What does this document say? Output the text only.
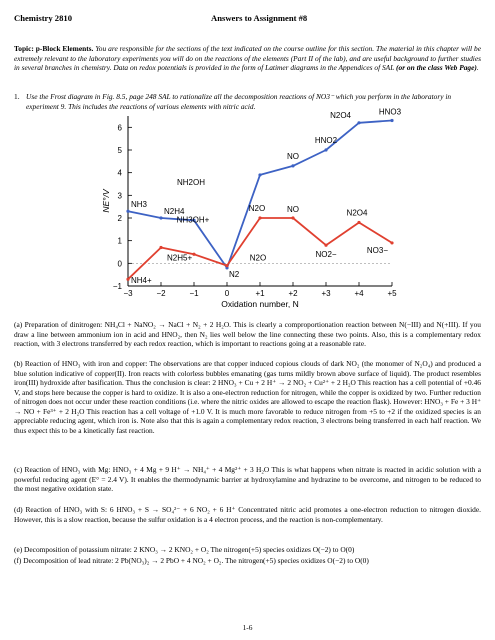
Chemistry 2810	Answers to Assignment #8

Topic: p-Block Elements. You are responsible for the sections of the text indicated on the course outline for this section. The material in this chapter will be extremely relevant to the laboratory experiments you will do on the reactions of the elements (Part II of the lab), and are useful background to further studies in several branches in chemistry. Data on redox potentials is provided in the form of Latimer diagrams in the Appendices of SAL (or on the class Web Page).

1. Use the Frost diagram in Fig. 8.5, page 248 SAL to rationalize all the decomposition reactions of NO3⁻ which you perform in the laboratory in experiment 9. This includes the reactions of various elements with nitric acid.
−1
0
1
2
3
4
5
6
−3	−2	−1	0	+1	+2	+3	+4	+5
Oxidation number, N
NE°/V
HNO3
N2O4
HNO2
NO
NO
N2O
N2O
NH2OH
NH3OH+
NH3
N2H4
N2H5+
N2
NH4+
NO2−
N2O4
NO3−

(a) Preparation of dinitrogen: NH₄Cl + NaNO₂ → NaCl + N₂ + 2 H₂O. This is clearly a comproportionation reaction between N(−III) and N(+III). If you draw a line between ammonium ion in acid and HNO₂, then N₂ lies well below the line connecting these two points. Also, this is a complementary redox reaction, with 3 electrons transferred by each redox reaction, which is important to reactions going at a reasonable rate.

(b) Reaction of HNO₃ with iron and copper: The observations are that copper induced copious clouds of dark NO₂ (the monomer of N₂O₄) and produced a blue solution indicative of copper(II). Iron reacts with colorless bubbles emanating (gas turns mildly brown above surface of liquid). The product resembles iron(III) hydroxide after basification. Thus the conclusion is clear: 2 HNO₃ + Cu + 2 H⁺ → 2 NO₂ + Cu²⁺ + 2 H₂O This reaction has a cell potential of +0.46 V, and stops here because the copper is hard to oxidize. It is also a one-electron reduction for nitrogen, while the copper is oxidized by two. Further reduction of nitrogen does not occur under these reaction conditions (i.e. where the nitric oxides are allowed to escape the reaction flask). However: HNO₃ + Fe + 3 H⁺ → NO + Fe³⁺ + 2 H₂O This reaction has a cell voltage of +1.0 V. It is much more favorable to reduce nitrogen from +5 to +2 if the oxidized species is an appreciable reducing agent, which iron is. Note also that this is again a complementary redox reaction, 3 electrons being transferred in each half reaction. We thus expect this to be a kinetically fast reaction.

(c) Reaction of HNO₃ with Mg: HNO₃ + 4 Mg + 9 H⁺ → NH₄⁺ + 4 Mg²⁺ + 3 H₂O This is what happens when nitrate is reacted in acidic solution with a powerful reducing agent (E° = 2.4 V). It enables the thermodynamic barrier at hydroxylamine and hydrazine to be overcome, and nitrogen to be reduced to the most negative oxidation state.

(d) Reaction of HNO₃ with S: 6 HNO₃ + S → SO₄²⁻ + 6 NO₂ + 6 H⁺ Concentrated nitric acid promotes a one-electron reduction to nitrogen dioxide. However, this is a slow reaction, because the sulfur oxidation is a 4 electron process, and the reaction is non-complementary.

(e) Decomposition of potassium nitrate: 2 KNO₃ → 2 KNO₂ + O₂ The nitrogen(+5) species oxidizes O(−2) to O(0)

(f) Decomposition of lead nitrate: 2 Pb(NO₃)₂ → 2 PbO + 4 NO₂ + O₂. The nitrogen(+5) species oxidizes O(−2) to O(0)

1-6
